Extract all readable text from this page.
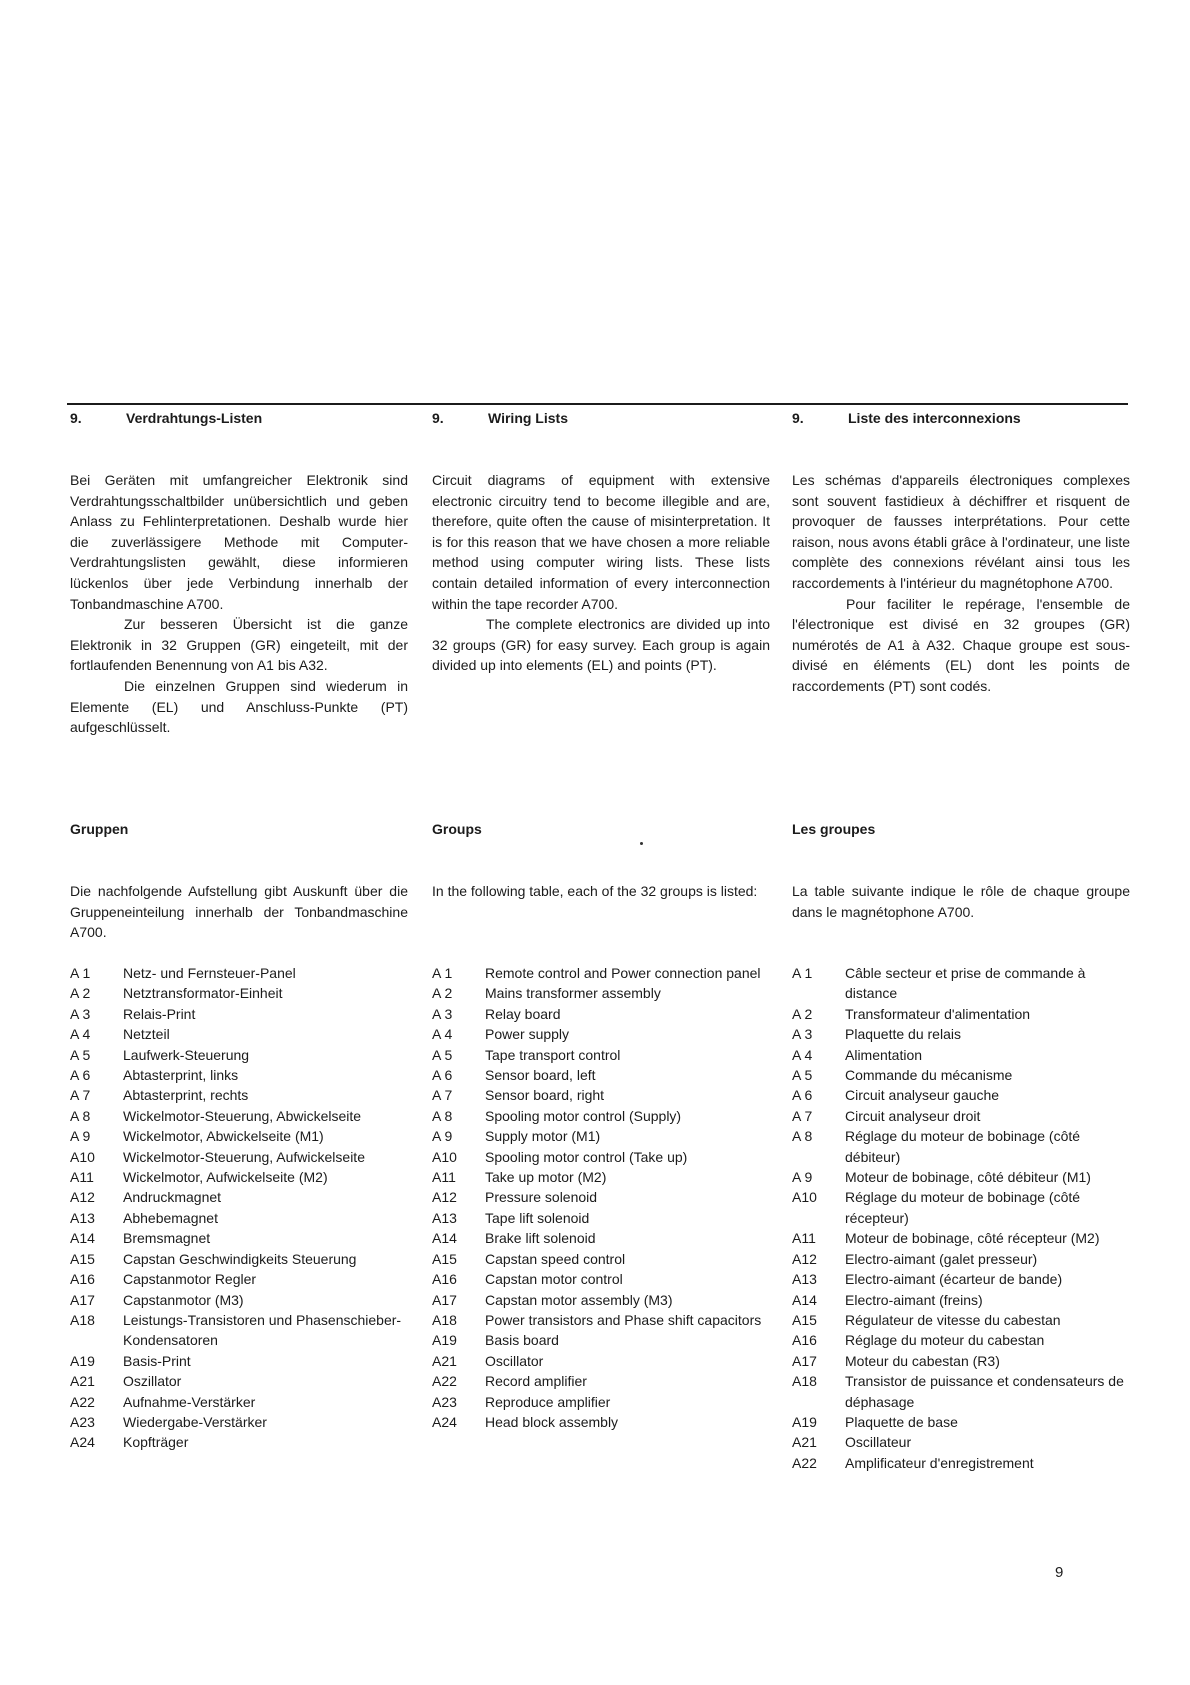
9.	Verdrahtungs-Listen

Bei Geräten mit umfangreicher Elektronik sind Verdrahtungsschaltbilder unübersichtlich und geben Anlass zu Fehlinterpretationen. Deshalb wurde hier die zuverlässigere Methode mit Computer-Verdrahtungslisten gewählt, diese informieren lückenlos über jede Verbindung innerhalb der Tonbandmaschine A700.

Zur besseren Übersicht ist die ganze Elektronik in 32 Gruppen (GR) eingeteilt, mit der fortlaufenden Benennung von A1 bis A32.

Die einzelnen Gruppen sind wiederum in Elemente (EL) und Anschluss-Punkte (PT) aufgeschlüsselt.

Gruppen
Die nachfolgende Aufstellung gibt Auskunft über die Gruppeneinteilung innerhalb der Tonbandmaschine A700.
A 1	Netz- und Fernsteuer-Panel
A 2	Netztransformator-Einheit
A 3	Relais-Print
A 4	Netzteil
A 5	Laufwerk-Steuerung
A 6	Abtasterprint, links
A 7	Abtasterprint, rechts
A 8	Wickelmotor-Steuerung, Abwickelseite
A 9	Wickelmotor, Abwickelseite (M1)
A10	Wickelmotor-Steuerung, Aufwickelseite
A11	Wickelmotor, Aufwickelseite (M2)
A12	Andruckmagnet
A13	Abhebemagnet
A14	Bremsmagnet
A15	Capstan Geschwindigkeits Steuerung
A16	Capstanmotor Regler
A17	Capstanmotor (M3)
A18	Leistungs-Transistoren und Phasenschieber-Kondensatoren
A19	Basis-Print
A21	Oszillator
A22	Aufnahme-Verstärker
A23	Wiedergabe-Verstärker
A24	Kopfträger
9.	Wiring Lists

Circuit diagrams of equipment with extensive electronic circuitry tend to become illegible and are, therefore, quite often the cause of misinterpretation. It is for this reason that we have chosen a more reliable method using computer wiring lists. These lists contain detailed information of every interconnection within the tape recorder A700.

The complete electronics are divided up into 32 groups (GR) for easy survey. Each group is again divided up into elements (EL) and points (PT).

Groups
In the following table, each of the 32 groups is listed:
A 1	Remote control and Power connection panel
A 2	Mains transformer assembly
A 3	Relay board
A 4	Power supply
A 5	Tape transport control
A 6	Sensor board, left
A 7	Sensor board, right
A 8	Spooling motor control (Supply)
A 9	Supply motor (M1)
A10	Spooling motor control (Take up)
A11	Take up motor (M2)
A12	Pressure solenoid
A13	Tape lift solenoid
A14	Brake lift solenoid
A15	Capstan speed control
A16	Capstan motor control
A17	Capstan motor assembly (M3)
A18	Power transistors and Phase shift capacitors
A19	Basis board
A21	Oscillator
A22	Record amplifier
A23	Reproduce amplifier
A24	Head block assembly
9.	Liste des interconnexions

Les schémas d'appareils électroniques complexes sont souvent fastidieux à déchiffrer et risquent de provoquer de fausses interprétations. Pour cette raison, nous avons établi grâce à l'ordinateur, une liste complète des connexions révélant ainsi tous les raccordements à l'intérieur du magnétophone A700.

Pour faciliter le repérage, l'ensemble de l'électronique est divisé en 32 groupes (GR) numérotés de A1 à A32. Chaque groupe est sous-divisé en éléments (EL) dont les points de raccordements (PT) sont codés.

Les groupes
La table suivante indique le rôle de chaque groupe dans le magnétophone A700.
A 1	Câble secteur et prise de commande à distance
A 2	Transformateur d'alimentation
A 3	Plaquette du relais
A 4	Alimentation
A 5	Commande du mécanisme
A 6	Circuit analyseur gauche
A 7	Circuit analyseur droit
A 8	Réglage du moteur de bobinage (côté débiteur)
A 9	Moteur de bobinage, côté débiteur (M1)
A10	Réglage du moteur de bobinage (côté récepteur)
A11	Moteur de bobinage, côté récepteur (M2)
A12	Electro-aimant (galet presseur)
A13	Electro-aimant (écarteur de bande)
A14	Electro-aimant (freins)
A15	Régulateur de vitesse du cabestan
A16	Réglage du moteur du cabestan
A17	Moteur du cabestan (R3)
A18	Transistor de puissance et condensateurs de déphasage
A19	Plaquette de base
A21	Oscillateur
A22	Amplificateur d'enregistrement
9
